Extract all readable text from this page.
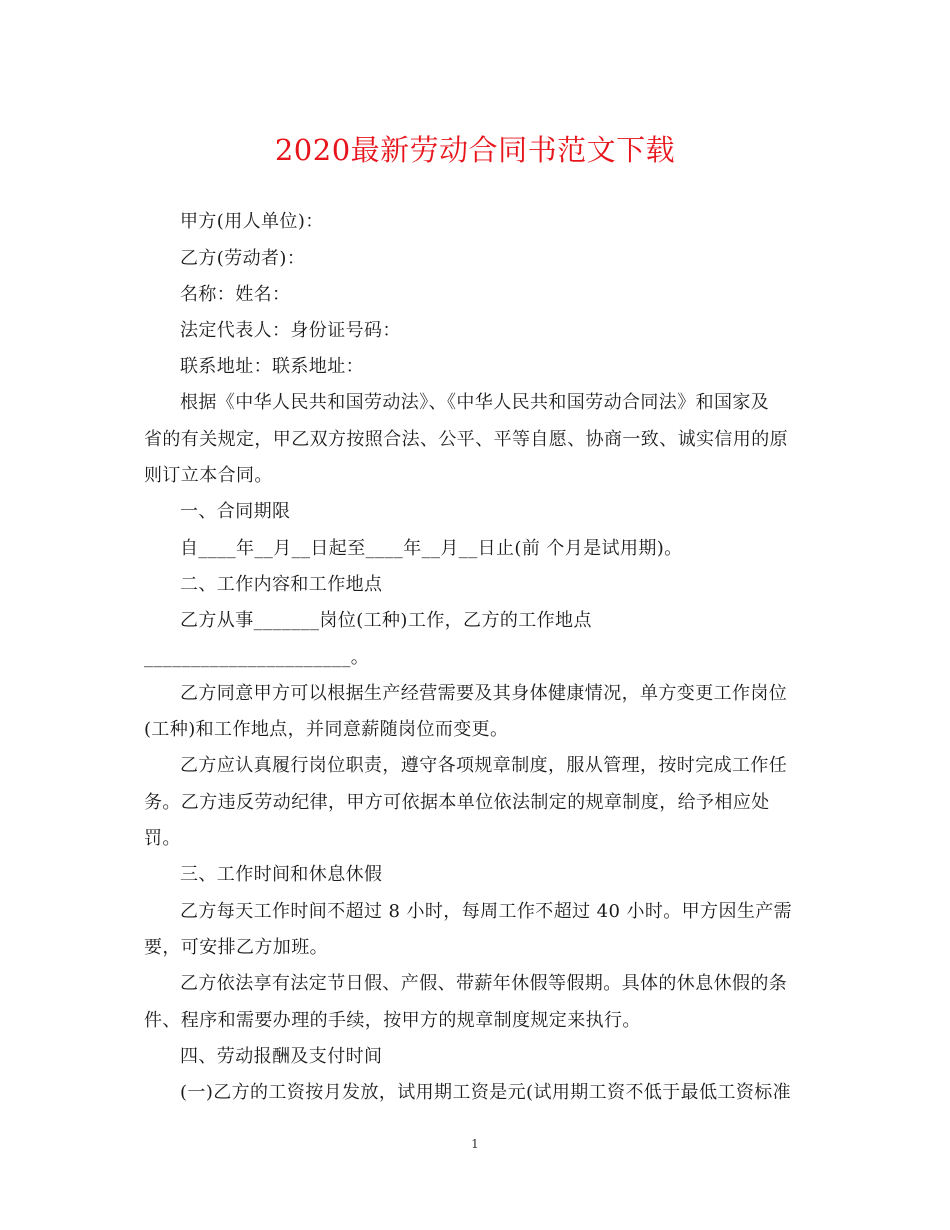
2020最新劳动合同书范文下载
甲方(用人单位)：
乙方(劳动者)：
名称：姓名：
法定代表人：身份证号码：
联系地址：联系地址：
根据《中华人民共和国劳动法》、《中华人民共和国劳动合同法》和国家及
省的有关规定，甲乙双方按照合法、公平、平等自愿、协商一致、诚实信用的原
则订立本合同。
一、合同期限
自____年__月__日起至____年__月__日止(前 个月是试用期)。
二、工作内容和工作地点
乙方从事_______岗位(工种)工作，乙方的工作地点
______________________。
乙方同意甲方可以根据生产经营需要及其身体健康情况，单方变更工作岗位
(工种)和工作地点，并同意薪随岗位而变更。
乙方应认真履行岗位职责，遵守各项规章制度，服从管理，按时完成工作任
务。乙方违反劳动纪律，甲方可依据本单位依法制定的规章制度，给予相应处
罚。
三、工作时间和休息休假
乙方每天工作时间不超过 8 小时，每周工作不超过 40 小时。甲方因生产需
要，可安排乙方加班。
乙方依法享有法定节日假、产假、带薪年休假等假期。具体的休息休假的条
件、程序和需要办理的手续，按甲方的规章制度规定来执行。
四、劳动报酬及支付时间
(一)乙方的工资按月发放，试用期工资是元(试用期工资不低于最低工资标准
1
